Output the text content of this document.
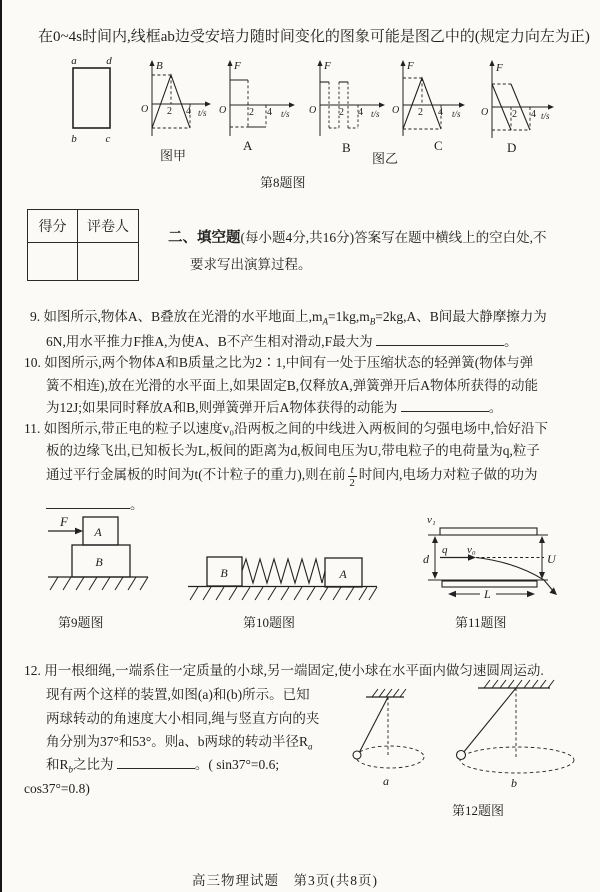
在0~4s时间内,线框ab边受安培力随时间变化的图象可能是图乙中的(规定力向左为正)
a	d
b	c
B
O	t/s
2 4
图甲
F
O	t/s
2 4
A
F
O	t/s
2 4
B
图乙
F
O	t/s
2 4
C
F
O	t/s
2 4
D
第8题图
得分	评卷人
二、填空题(每小题4分,共16分)答案写在题中横线上的空白处,不
要求写出演算过程。
9. 如图所示,物体A、B叠放在光滑的水平地面上$,m_A=1kg,m_B=2kg,A$、B间最大静摩擦力为
6N,用水平推力F推A,为使A、B不产生相对滑动,F最大为	。
10. 如图所示,两个物体A和B质量之比为2∶1,中间有一处于压缩状态的轻弹簧(物体与弹
簧不相连),放在光滑的水平面上,如果固定B,仅释放A,弹簧弹开后A物体所获得的动能
为12J;如果同时释放A和B,则弹簧弹开后A物体获得的动能为	。
11. 如图所示,带正电的粒子以速度v₀沿两板之间的中线进入两板间的匀强电场中,恰好沿下
板的边缘飞出,已知板长为L,板间的距离为d,板间电压为U,带电粒子的电荷量为q,粒子
通过平行金属板的时间为t(不计粒子的重力),则在前 $\frac{t}{2}$ 时间内,电场力对粒子做的功为
。
F
A
B
第9题图
B	A
第10题图
v₁
d
q v₀
U
L
第11题图
12. 用一根细绳,一端系住一定质量的小球,另一端固定,使小球在水平面内做匀速圆周运动.
现有两个这样的装置,如图(a)和(b)所示。已知
两球转动的角速度大小相同,绳与竖直方向的夹
角分别为37°和53°。则a、b两球的转动半径$R_a$
和$R_b$之比为	。( sin37°=0.6;
cos37°=0.8)	a	b
第12题图
高三物理试题　第3页(共8页)
